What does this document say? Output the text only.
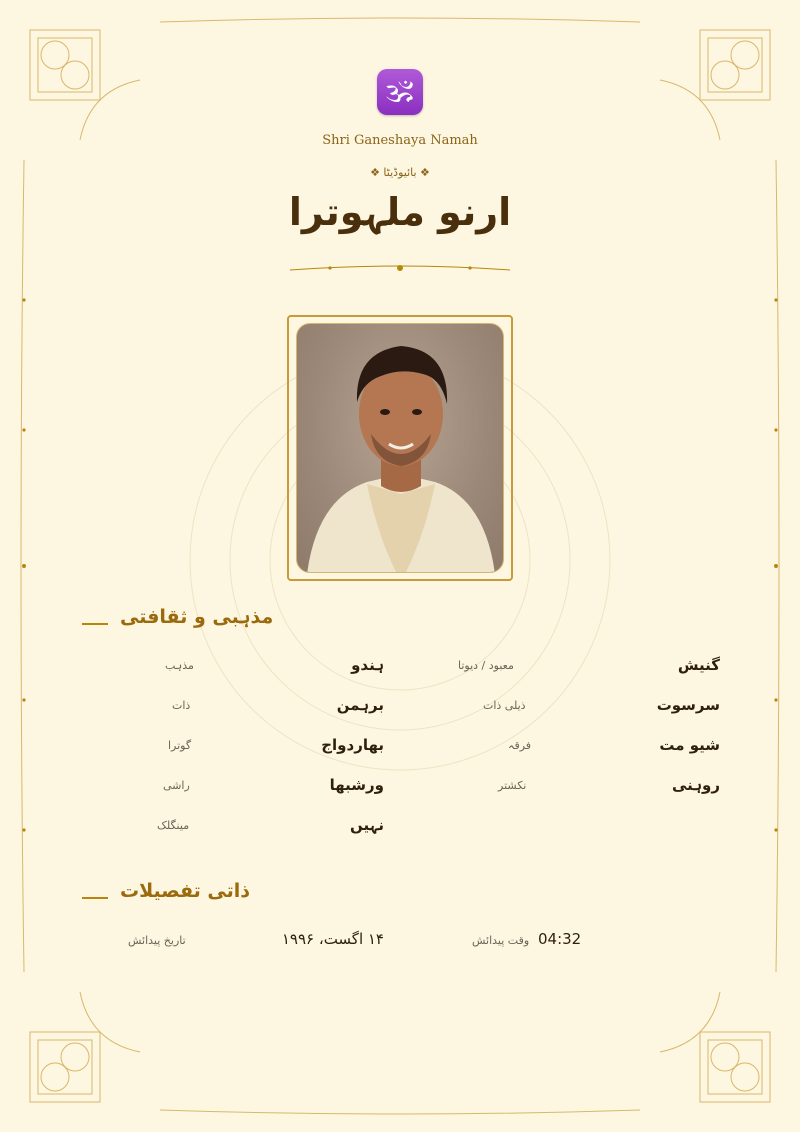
🕉
Shri Ganeshaya Namah
❖ بائیوڈیٹا ❖
ارنو ملہوترا
مذہبی و ثقافتی
گنیش
معبود / دیوتا
ہندو
مذہب
سرسوت
ذیلی ذات
برہمن
ذات
شیو مت
فرقہ
بھاردواج
گوترا
روہنی
نکشتر
ورشبھا
راشی
نہیں
مینگلک
ذاتی تفصیلات
۱۴ اگست، ۱۹۹۶
تاریخ پیدائش	04:32
وقت پیدائش
